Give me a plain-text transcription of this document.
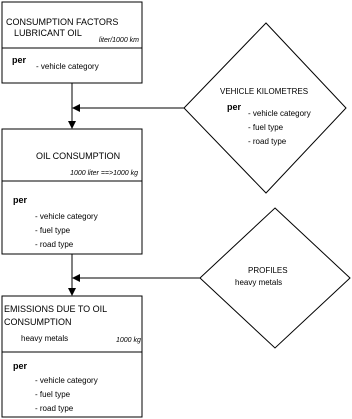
CONSUMPTION FACTORS
LUBRICANT OIL
liter/1000 km
per
- vehicle category
OIL CONSUMPTION
1000 liter ==>1000 kg
per
- vehicle category
- fuel type
- road type
EMISSIONS DUE TO OIL
CONSUMPTION
heavy metals	1000 kg
per
- vehicle category
- fuel type
- road type
VEHICLE KILOMETRES
per
- vehicle category
- fuel type
- road type
PROFILES
heavy metals
